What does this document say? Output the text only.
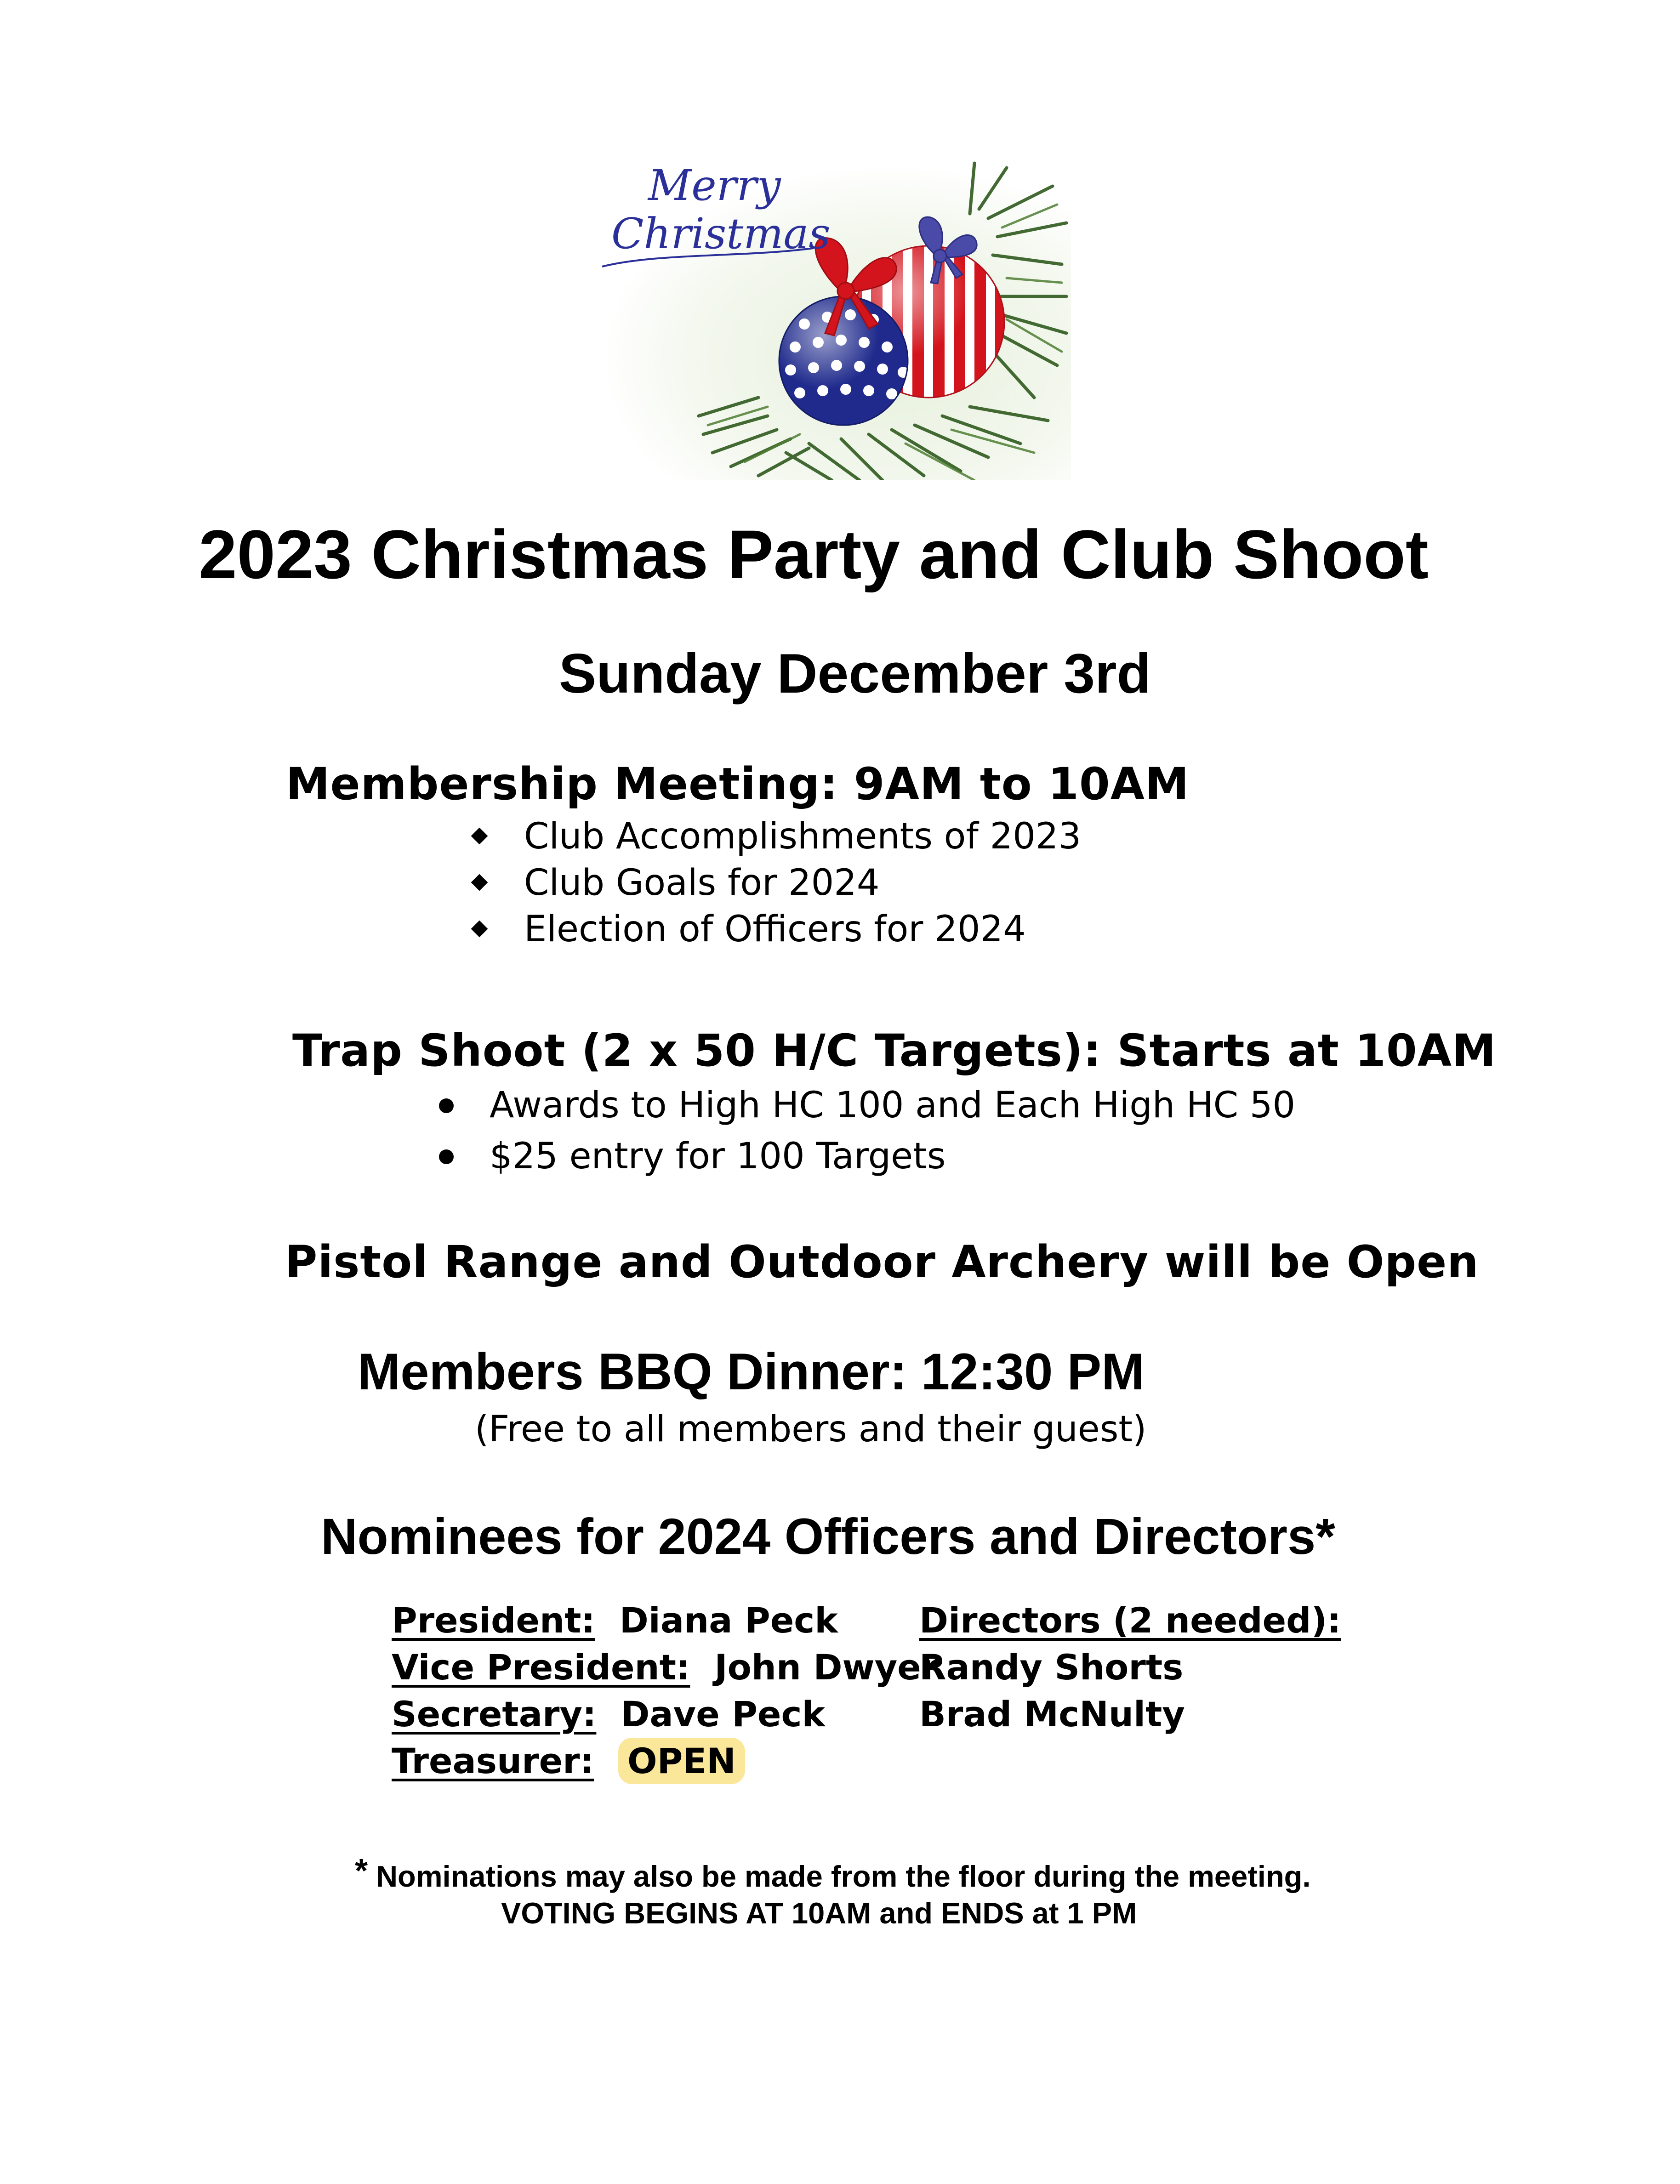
Merry
Christmas
2023 Christmas Party and Club Shoot
Sunday December 3rd
Membership Meeting: 9AM to 10AM
Club Accomplishments of 2023
Club Goals for 2024
Election of Officers for 2024
Trap Shoot (2 x 50 H/C Targets): Starts at 10AM
Awards to High HC 100 and Each High HC 50
$25 entry for 100 Targets
Pistol Range and Outdoor Archery will be Open
Members BBQ Dinner: 12:30 PM
(Free to all members and their guest)
Nominees for 2024 Officers and Directors*
President: Diana Peck
Vice President: John Dwyer
Secretary: Dave Peck
Treasurer: OPEN
Directors (2 needed):
Randy Shorts
Brad McNulty
* Nominations may also be made from the floor during the meeting.
VOTING BEGINS AT 10AM and ENDS at 1 PM
